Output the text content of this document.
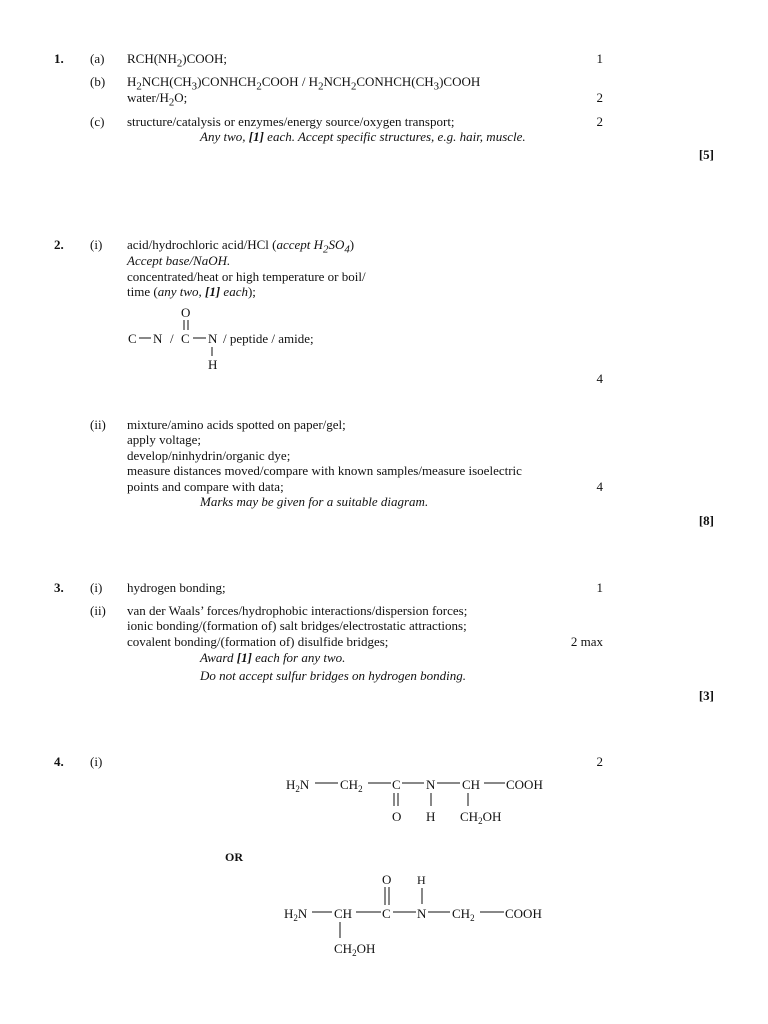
1. (a) $RCH(NH_2)COOH$;	1
(b) $H_2NCH(CH_3)CONHCH_2COOH$ / $H_2NCH_2CONHCH(CH_3)COOH$
water/$H_2O$;	2
(c) structure/catalysis or enzymes/energy source/oxygen transport;	2
Any two, [1] each. Accept specific structures, e.g. hair, muscle.
[5]
2. (i) acid/hydrochloric acid/HCl (accept $H_2SO_4$)
Accept base/NaOH.
concentrated/heat or high temperature or boil/
time (any two, [1] each);
C N /
O
C N
H
/ peptide / amide;
4
(ii) mixture/amino acids spotted on paper/gel;
apply voltage;
develop/ninhydrin/organic dye;
measure distances moved/compare with known samples/measure isoelectric
points and compare with data;	4
Marks may be given for a suitable diagram.
[8]
3. (i) hydrogen bonding;	1
(ii) van der Waals’ forces/hydrophobic interactions/dispersion forces;
ionic bonding/(formation of) salt bridges/electrostatic attractions;
covalent bonding/(formation of) disulfide bridges;	2 max
Award [1] each for any two.
Do not accept sulfur bridges on hydrogen bonding.
[3]
4. (i)	2
$H_2N$ $CH_2$ C
O
N
H
CH
$CH_2OH$
COOH
OR
O H
$H_2N$ CH
$CH_2OH$
C N $CH_2$ COOH
